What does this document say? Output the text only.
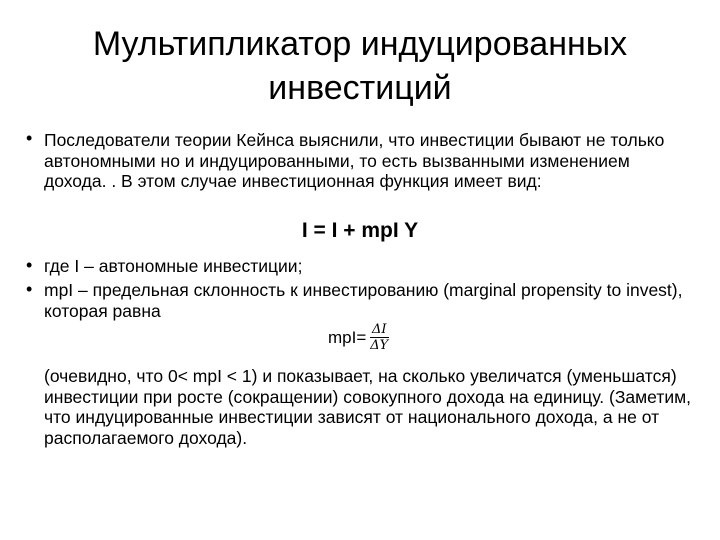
Мультипликатор индуцированных инвестиций
• Последователи теории Кейнса выяснили, что инвестиции бывают не только автономными но и индуцированными, то есть вызванными изменением дохода. . В этом случае инвестиционная функция имеет вид:
I = I + mpI Y
• где I – автономные инвестиции;
• mpI – предельная склонность к инвестированию (marginal propensity to invest), которая равна
$mpI= \frac{\Delta I}{\Delta Y}$
(очевидно, что 0< mpI < 1) и показывает, на сколько увеличатся (уменьшатся) инвестиции при росте (сокращении) совокупного дохода на единицу. (Заметим, что индуцированные инвестиции зависят от национального дохода, а не от располагаемого дохода).
